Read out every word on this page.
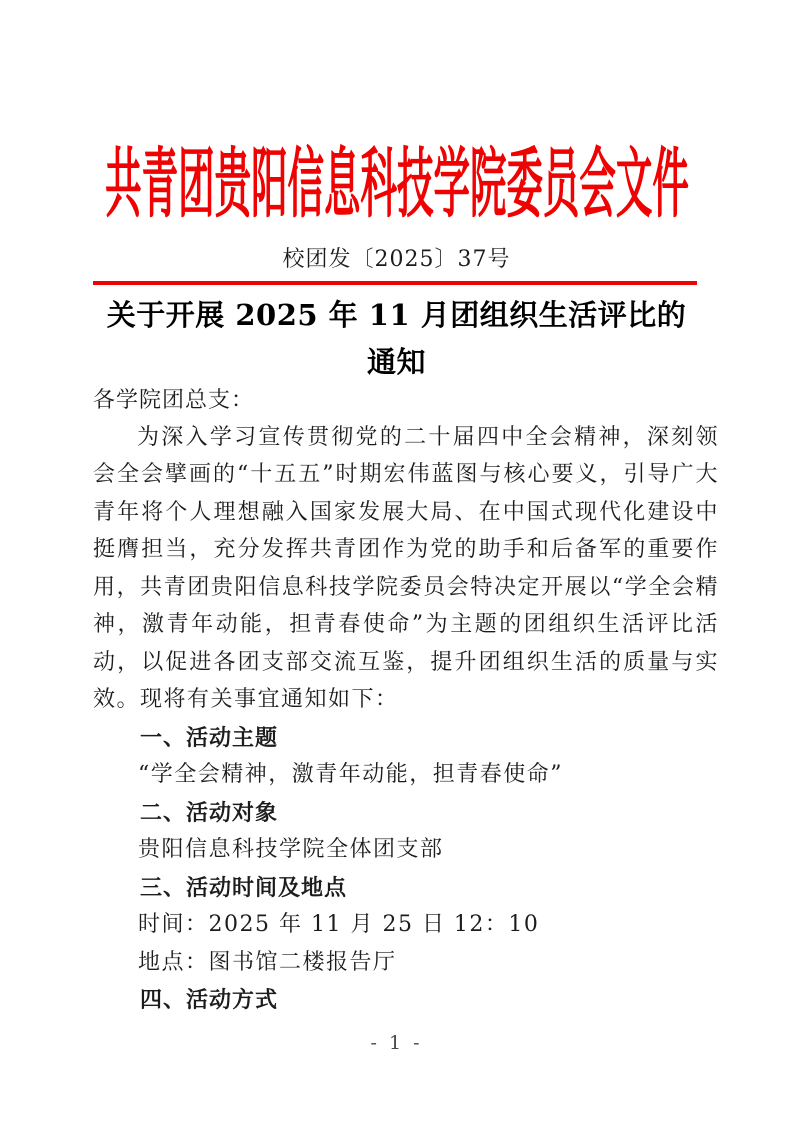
共青团贵阳信息科技学院委员会文件
校团发〔2025〕37号
关于开展 2025 年 11 月团组织生活评比的
通知
各学院团总支：

为深入学习宣传贯彻党的二十届四中全会精神，深刻领会全会擘画的“十五五”时期宏伟蓝图与核心要义，引导广大青年将个人理想融入国家发展大局、在中国式现代化建设中挺膺担当，充分发挥共青团作为党的助手和后备军的重要作用，共青团贵阳信息科技学院委员会特决定开展以“学全会精神，激青年动能，担青春使命”为主题的团组织生活评比活动，以促进各团支部交流互鉴，提升团组织生活的质量与实效。现将有关事宜通知如下：

一、活动主题
“学全会精神，激青年动能，担青春使命”
二、活动对象
贵阳信息科技学院全体团支部
三、活动时间及地点
时间：2025 年 11 月 25 日 12：10
地点：图书馆二楼报告厅
四、活动方式
- 1 -
